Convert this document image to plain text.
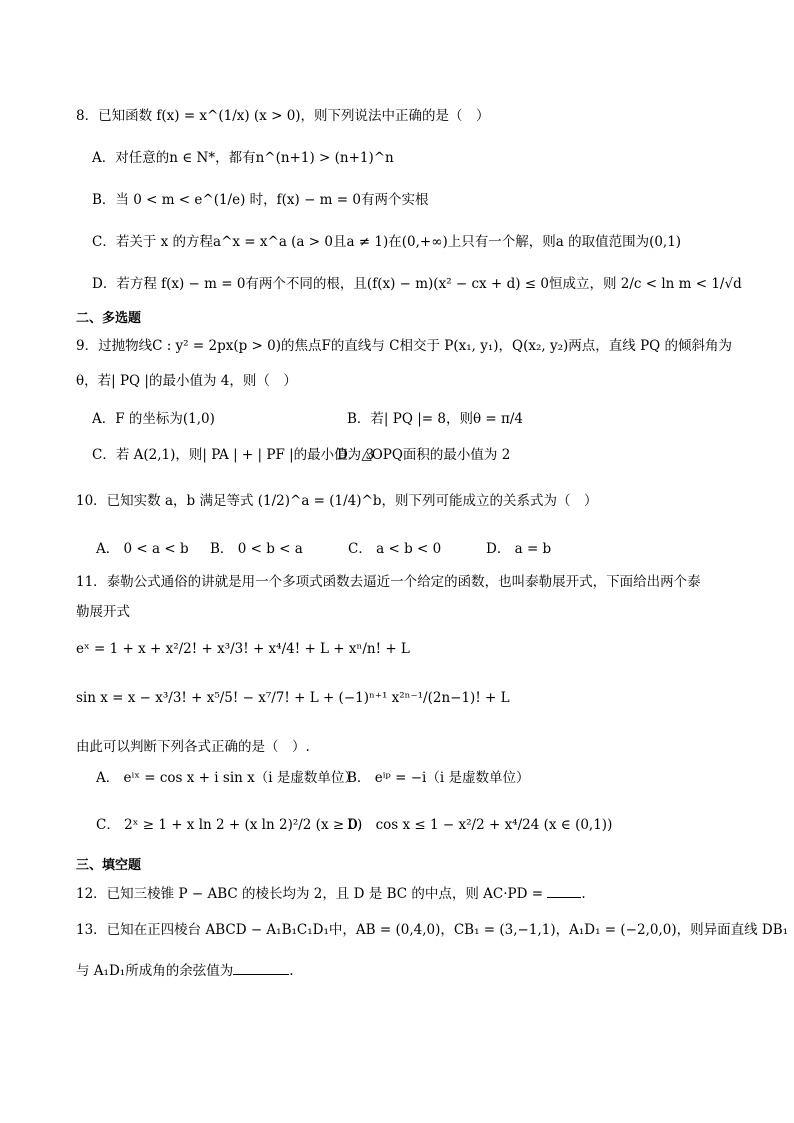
8．已知函数 f(x) = x^(1/x) (x > 0)，则下列说法中正确的是（　）
A．对任意的n ∈ N*，都有n^(n+1) > (n+1)^n
B．当 0 < m < e^(1/e) 时，f(x) − m = 0有两个实根
C．若关于 x 的方程a^x = x^a (a > 0且a ≠ 1)在(0,+∞)上只有一个解，则a 的取值范围为(0,1)
D．若方程 f(x) − m = 0有两个不同的根，且(f(x) − m)(x² − cx + d) ≤ 0恒成立，则 2/c < ln m < 1/√d
二、多选题
9．过抛物线C : y² = 2px(p > 0)的焦点F的直线与 C相交于 P(x₁, y₁)，Q(x₂, y₂)两点，直线 PQ 的倾斜角为
θ，若| PQ |的最小值为 4，则（　）
A．F 的坐标为(1,0)	B．若| PQ |= 8，则θ = π/4
C．若 A(2,1)，则| PA | + | PF |的最小值为 3
D．△OPQ面积的最小值为 2
10．已知实数 a，b 满足等式 (1/2)^a = (1/4)^b，则下列可能成立的关系式为（　）
A． 0 < a < b B． 0 < b < a	C． a < b < 0	D． a = b
11．泰勒公式通俗的讲就是用一个多项式函数去逼近一个给定的函数，也叫泰勒展开式，下面给出两个泰
勒展开式
eˣ = 1 + x + x²/2! + x³/3! + x⁴/4! + L + xⁿ/n! + L
sin x = x − x³/3! + x⁵/5! − x⁷/7! + L + (−1)ⁿ⁺¹ x²ⁿ⁻¹/(2n−1)! + L
由此可以判断下列各式正确的是（　）.
A． eⁱˣ = cos x + i sin x（i 是虚数单位）
B． eⁱᵖ = −i（i 是虚数单位）
C． 2ˣ ≥ 1 + x ln 2 + (x ln 2)²/2 (x ≥ 0)
D． cos x ≤ 1 − x²/2 + x⁴/24 (x ∈ (0,1))
三、填空题
12．已知三棱锥 P − ABC 的棱长均为 2，且 D 是 BC 的中点，则 AC·PD =	.
13．已知在正四棱台 ABCD − A₁B₁C₁D₁中，AB = (0,4,0)，CB₁ = (3,−1,1)，A₁D₁ = (−2,0,0)，则异面直线 DB₁
与 A₁D₁所成角的余弦值为	.
